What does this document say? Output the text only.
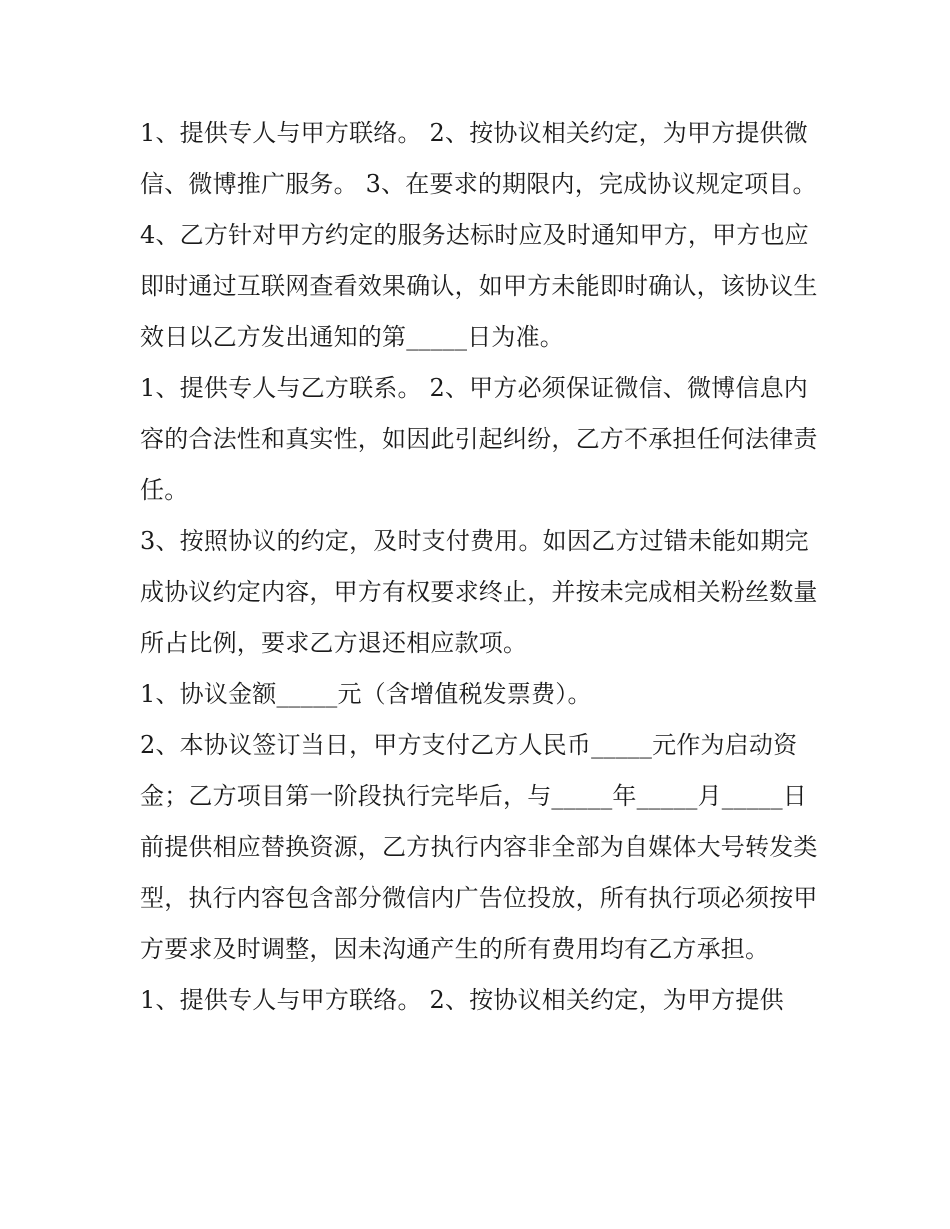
1、提供专人与甲方联络。 2、按协议相关约定，为甲方提供微信、微博推广服务。 3、在要求的期限内，完成协议规定项目。

4、乙方针对甲方约定的服务达标时应及时通知甲方，甲方也应即时通过互联网查看效果确认，如甲方未能即时确认，该协议生效日以乙方发出通知的第_____日为准。

1、提供专人与乙方联系。 2、甲方必须保证微信、微博信息内容的合法性和真实性，如因此引起纠纷，乙方不承担任何法律责任。

3、按照协议的约定，及时支付费用。如因乙方过错未能如期完成协议约定内容，甲方有权要求终止，并按未完成相关粉丝数量所占比例，要求乙方退还相应款项。

1、协议金额_____元（含增值税发票费）。

2、本协议签订当日，甲方支付乙方人民币_____元作为启动资金；乙方项目第一阶段执行完毕后，与_____年_____月_____日前提供相应替换资源，乙方执行内容非全部为自媒体大号转发类型，执行内容包含部分微信内广告位投放，所有执行项必须按甲方要求及时调整，因未沟通产生的所有费用均有乙方承担。

1、提供专人与甲方联络。 2、按协议相关约定，为甲方提供
